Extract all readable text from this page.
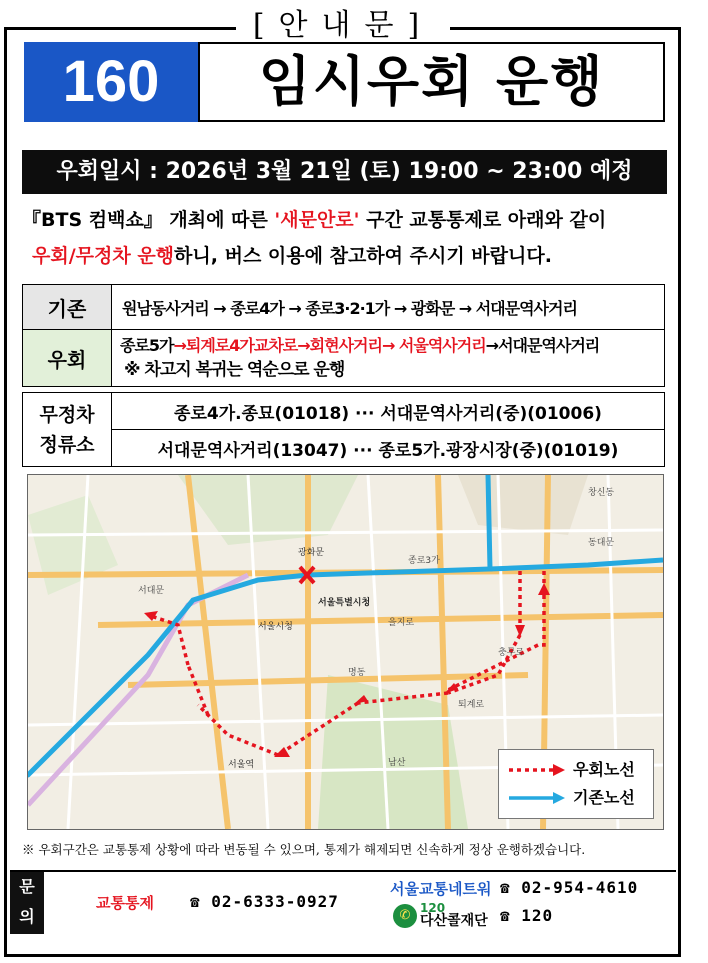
[안내문]
160	임시우회 운행
우회일시 : 2026년 3월 21일 (토) 19:00 ~ 23:00 예정
『BTS 컴백쇼』 개최에 따른 '새문안로' 구간 교통통제로 아래와 같이
우회/무정차 운행하니, 버스 이용에 참고하여 주시기 바랍니다.
기존	원남동사거리 → 종로4가 → 종로3·2·1가 → 광화문 → 서대문역사거리
우회	종로5가→퇴계로4가교차로→회현사거리→ 서울역사거리→서대문역사거리
※ 차고지 복귀는 역순으로 운행
무정차
정류소
	종로4가.종묘(01018) ··· 서대문역사거리(중)(01006)
서대문역사거리(13047) ··· 종로5가.광장시장(중)(01019)
서울특별시청
서울시청
서울역
광화문
종로3가
을지로
명동
남산
동대문
서대문
퇴계로
창신동
충무로
우회노선
기존노선
※ 우회구간은 교통통제 상황에 따라 변동될 수 있으며, 통제가 해제되면 신속하게 정상 운행하겠습니다.
문
의
교통통제 ☎ 02-6333-0927
서울교통네트워 ☎ 02-954-4610
✆ 120
다산콜재단 ☎ 120
